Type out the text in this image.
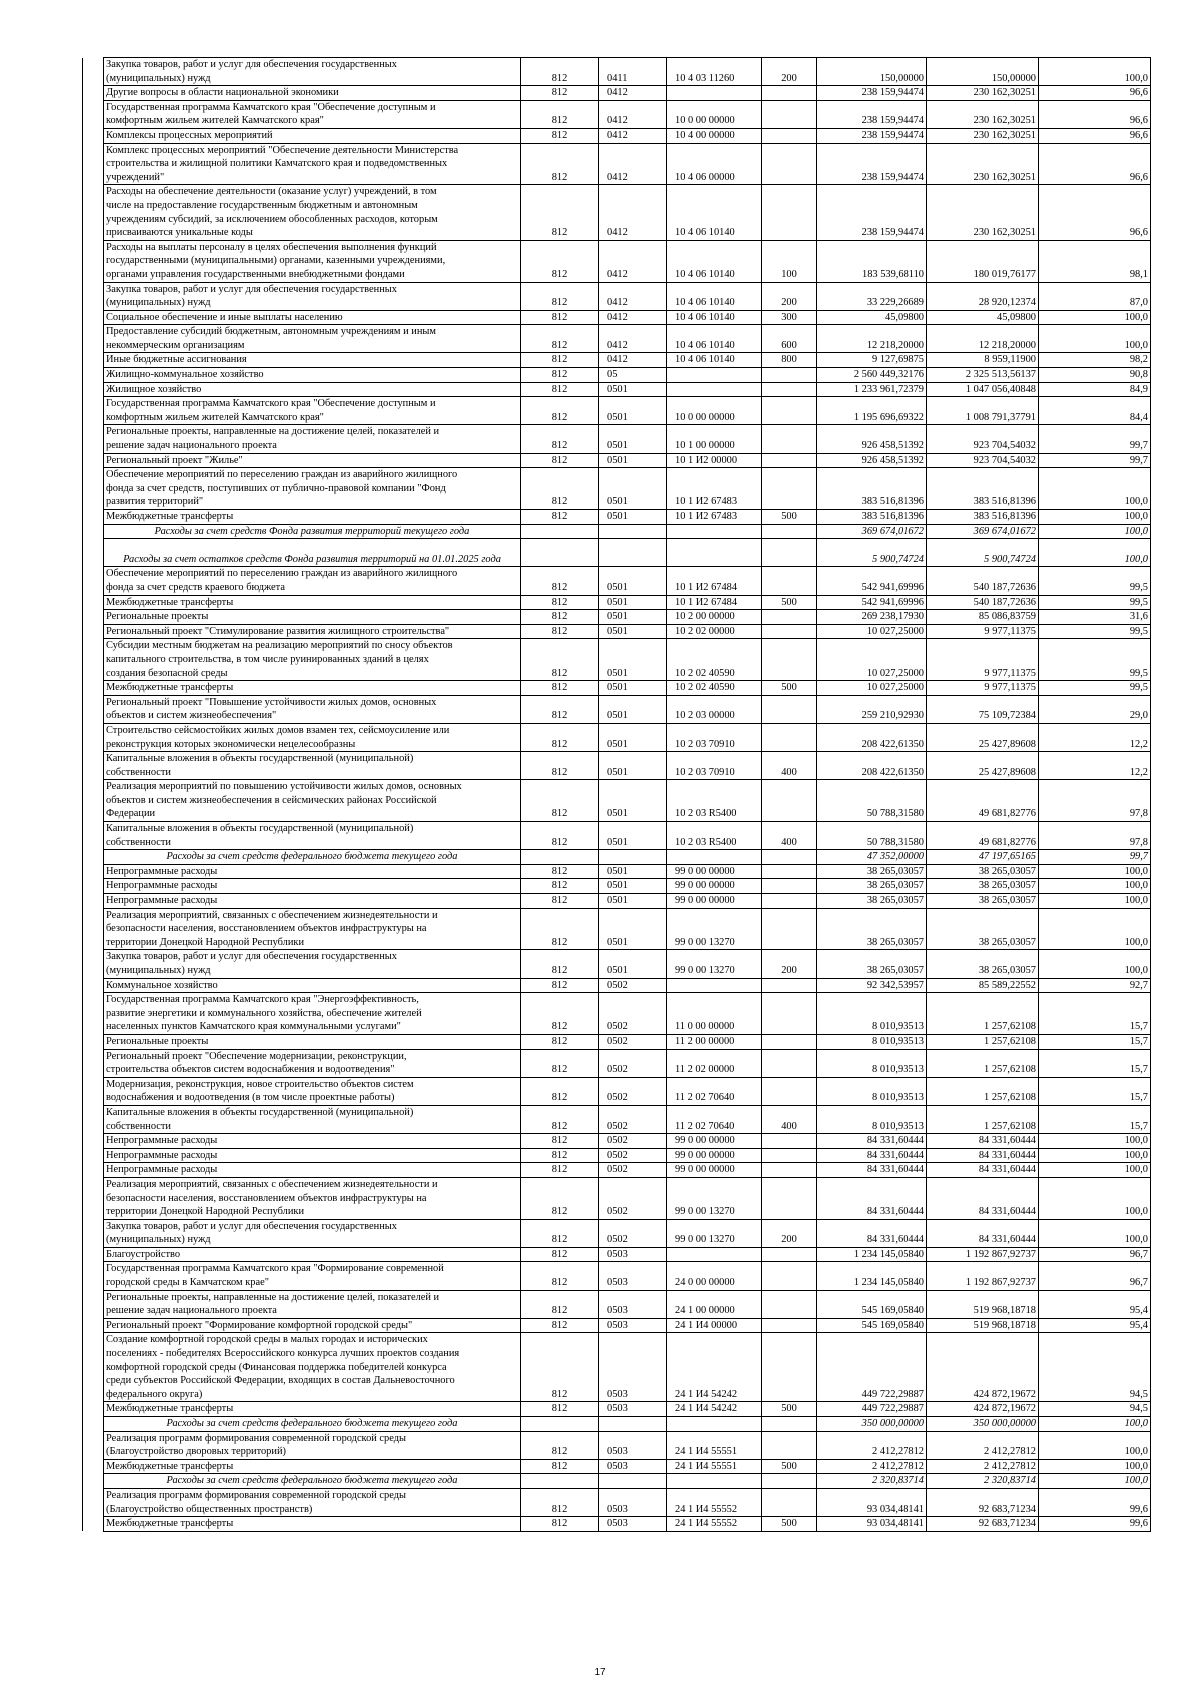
	Закупка товаров, работ и услуг для обеспечения государственных
(муниципальных) нужд	812	0411	10 4 03 11260	200	150,00000	150,00000	100,0
	Другие вопросы в области национальной экономики	812	0412			238 159,94474	230 162,30251	96,6
	Государственная программа Камчатского края "Обеспечение доступным и
комфортным жильем жителей Камчатского края"	812	0412	10 0 00 00000		238 159,94474	230 162,30251	96,6
	Комплексы процессных мероприятий	812	0412	10 4 00 00000		238 159,94474	230 162,30251	96,6
	Комплекс процессных мероприятий "Обеспечение деятельности Министерства
строительства и жилищной политики Камчатского края и подведомственных
учреждений"	812	0412	10 4 06 00000		238 159,94474	230 162,30251	96,6
	Расходы на обеспечение деятельности (оказание услуг) учреждений, в том
числе на предоставление государственным бюджетным и автономным
учреждениям субсидий, за исключением обособленных расходов, которым
присваиваются уникальные коды	812	0412	10 4 06 10140		238 159,94474	230 162,30251	96,6
	Расходы на выплаты персоналу в целях обеспечения выполнения функций
государственными (муниципальными) органами, казенными учреждениями,
органами управления государственными внебюджетными фондами	812	0412	10 4 06 10140	100	183 539,68110	180 019,76177	98,1
	Закупка товаров, работ и услуг для обеспечения государственных
(муниципальных) нужд	812	0412	10 4 06 10140	200	33 229,26689	28 920,12374	87,0
	Социальное обеспечение и иные выплаты населению	812	0412	10 4 06 10140	300	45,09800	45,09800	100,0
	Предоставление субсидий бюджетным, автономным учреждениям и иным
некоммерческим организациям	812	0412	10 4 06 10140	600	12 218,20000	12 218,20000	100,0
	Иные бюджетные ассигнования	812	0412	10 4 06 10140	800	9 127,69875	8 959,11900	98,2
	Жилищно-коммунальное хозяйство	812	05			2 560 449,32176	2 325 513,56137	90,8
	Жилищное хозяйство	812	0501			1 233 961,72379	1 047 056,40848	84,9
	Государственная программа Камчатского края "Обеспечение доступным и
комфортным жильем жителей Камчатского края"	812	0501	10 0 00 00000		1 195 696,69322	1 008 791,37791	84,4
	Региональные проекты, направленные на достижение целей, показателей и
решение задач национального проекта	812	0501	10 1 00 00000		926 458,51392	923 704,54032	99,7
	Региональный проект "Жилье"	812	0501	10 1 И2 00000		926 458,51392	923 704,54032	99,7
	Обеспечение мероприятий по переселению граждан из аварийного жилищного
фонда за счет средств, поступивших от публично-правовой компании "Фонд
развития территорий"	812	0501	10 1 И2 67483		383 516,81396	383 516,81396	100,0
	Межбюджетные трансферты	812	0501	10 1 И2 67483	500	383 516,81396	383 516,81396	100,0
	Расходы за счет средств Фонда развития территорий текущего года					369 674,01672	369 674,01672	100,0

Расходы за счет остатков средств Фонда развития территорий на 01.01.2025 года					5 900,74724	5 900,74724	100,0
	Обеспечение мероприятий по переселению граждан из аварийного жилищного
фонда за счет средств краевого бюджета	812	0501	10 1 И2 67484		542 941,69996	540 187,72636	99,5
	Межбюджетные трансферты	812	0501	10 1 И2 67484	500	542 941,69996	540 187,72636	99,5
	Региональные проекты	812	0501	10 2 00 00000		269 238,17930	85 086,83759	31,6
	Региональный проект "Стимулирование развития жилищного строительства"	812	0501	10 2 02 00000		10 027,25000	9 977,11375	99,5
	Субсидии местным бюджетам на реализацию мероприятий по сносу объектов
капитального строительства, в том числе руинированных зданий в целях
создания безопасной среды	812	0501	10 2 02 40590		10 027,25000	9 977,11375	99,5
	Межбюджетные трансферты	812	0501	10 2 02 40590	500	10 027,25000	9 977,11375	99,5
	Региональный проект "Повышение устойчивости жилых домов, основных
объектов и систем жизнеобеспечения"	812	0501	10 2 03 00000		259 210,92930	75 109,72384	29,0
	Строительство сейсмостойких жилых домов взамен тех, сейсмоусиление или
реконструкция которых экономически нецелесообразны	812	0501	10 2 03 70910		208 422,61350	25 427,89608	12,2
	Капитальные вложения в объекты государственной (муниципальной)
собственности	812	0501	10 2 03 70910	400	208 422,61350	25 427,89608	12,2
	Реализация мероприятий по повышению устойчивости жилых домов, основных
объектов и систем жизнеобеспечения в сейсмических районах Российской
Федерации	812	0501	10 2 03 R5400		50 788,31580	49 681,82776	97,8
	Капитальные вложения в объекты государственной (муниципальной)
собственности	812	0501	10 2 03 R5400	400	50 788,31580	49 681,82776	97,8
	Расходы за счет средств федерального бюджета текущего года					47 352,00000	47 197,65165	99,7
	Непрограммные расходы	812	0501	99 0 00 00000		38 265,03057	38 265,03057	100,0
	Непрограммные расходы	812	0501	99 0 00 00000		38 265,03057	38 265,03057	100,0
	Непрограммные расходы	812	0501	99 0 00 00000		38 265,03057	38 265,03057	100,0
	Реализация мероприятий, связанных с обеспечением жизнедеятельности и
безопасности населения, восстановлением объектов инфраструктуры на
территории Донецкой Народной Республики	812	0501	99 0 00 13270		38 265,03057	38 265,03057	100,0
	Закупка товаров, работ и услуг для обеспечения государственных
(муниципальных) нужд	812	0501	99 0 00 13270	200	38 265,03057	38 265,03057	100,0
	Коммунальное хозяйство	812	0502			92 342,53957	85 589,22552	92,7
	Государственная программа Камчатского края "Энергоэффективность,
развитие энергетики и коммунального хозяйства, обеспечение жителей
населенных пунктов Камчатского края коммунальными услугами"	812	0502	11 0 00 00000		8 010,93513	1 257,62108	15,7
	Региональные проекты	812	0502	11 2 00 00000		8 010,93513	1 257,62108	15,7
	Региональный проект "Обеспечение модернизации, реконструкции,
строительства объектов систем водоснабжения и водоотведения"	812	0502	11 2 02 00000		8 010,93513	1 257,62108	15,7
	Модернизация, реконструкция, новое строительство объектов систем
водоснабжения и водоотведения (в том числе проектные работы)	812	0502	11 2 02 70640		8 010,93513	1 257,62108	15,7
	Капитальные вложения в объекты государственной (муниципальной)
собственности	812	0502	11 2 02 70640	400	8 010,93513	1 257,62108	15,7
	Непрограммные расходы	812	0502	99 0 00 00000		84 331,60444	84 331,60444	100,0
	Непрограммные расходы	812	0502	99 0 00 00000		84 331,60444	84 331,60444	100,0
	Непрограммные расходы	812	0502	99 0 00 00000		84 331,60444	84 331,60444	100,0
	Реализация мероприятий, связанных с обеспечением жизнедеятельности и
безопасности населения, восстановлением объектов инфраструктуры на
территории Донецкой Народной Республики	812	0502	99 0 00 13270		84 331,60444	84 331,60444	100,0
	Закупка товаров, работ и услуг для обеспечения государственных
(муниципальных) нужд	812	0502	99 0 00 13270	200	84 331,60444	84 331,60444	100,0
	Благоустройство	812	0503			1 234 145,05840	1 192 867,92737	96,7
	Государственная программа Камчатского края "Формирование современной
городской среды в Камчатском крае"	812	0503	24 0 00 00000		1 234 145,05840	1 192 867,92737	96,7
	Региональные проекты, направленные на достижение целей, показателей и
решение задач национального проекта	812	0503	24 1 00 00000		545 169,05840	519 968,18718	95,4
	Региональный проект "Формирование комфортной городской среды"	812	0503	24 1 И4 00000		545 169,05840	519 968,18718	95,4
	Создание комфортной городской среды в малых городах и исторических
поселениях - победителях Всероссийского конкурса лучших проектов создания
комфортной городской среды (Финансовая поддержка победителей конкурса
среди субъектов Российской Федерации, входящих в состав Дальневосточного
федерального округа)	812	0503	24 1 И4 54242		449 722,29887	424 872,19672	94,5
	Межбюджетные трансферты	812	0503	24 1 И4 54242	500	449 722,29887	424 872,19672	94,5
	Расходы за счет средств федерального бюджета текущего года					350 000,00000	350 000,00000	100,0
	Реализация программ формирования современной городской среды
(Благоустройство дворовых территорий)	812	0503	24 1 И4 55551		2 412,27812	2 412,27812	100,0
	Межбюджетные трансферты	812	0503	24 1 И4 55551	500	2 412,27812	2 412,27812	100,0
	Расходы за счет средств федерального бюджета текущего года					2 320,83714	2 320,83714	100,0
	Реализация программ формирования современной городской среды
(Благоустройство общественных пространств)	812	0503	24 1 И4 55552		93 034,48141	92 683,71234	99,6
	Межбюджетные трансферты	812	0503	24 1 И4 55552	500	93 034,48141	92 683,71234	99,6
17
